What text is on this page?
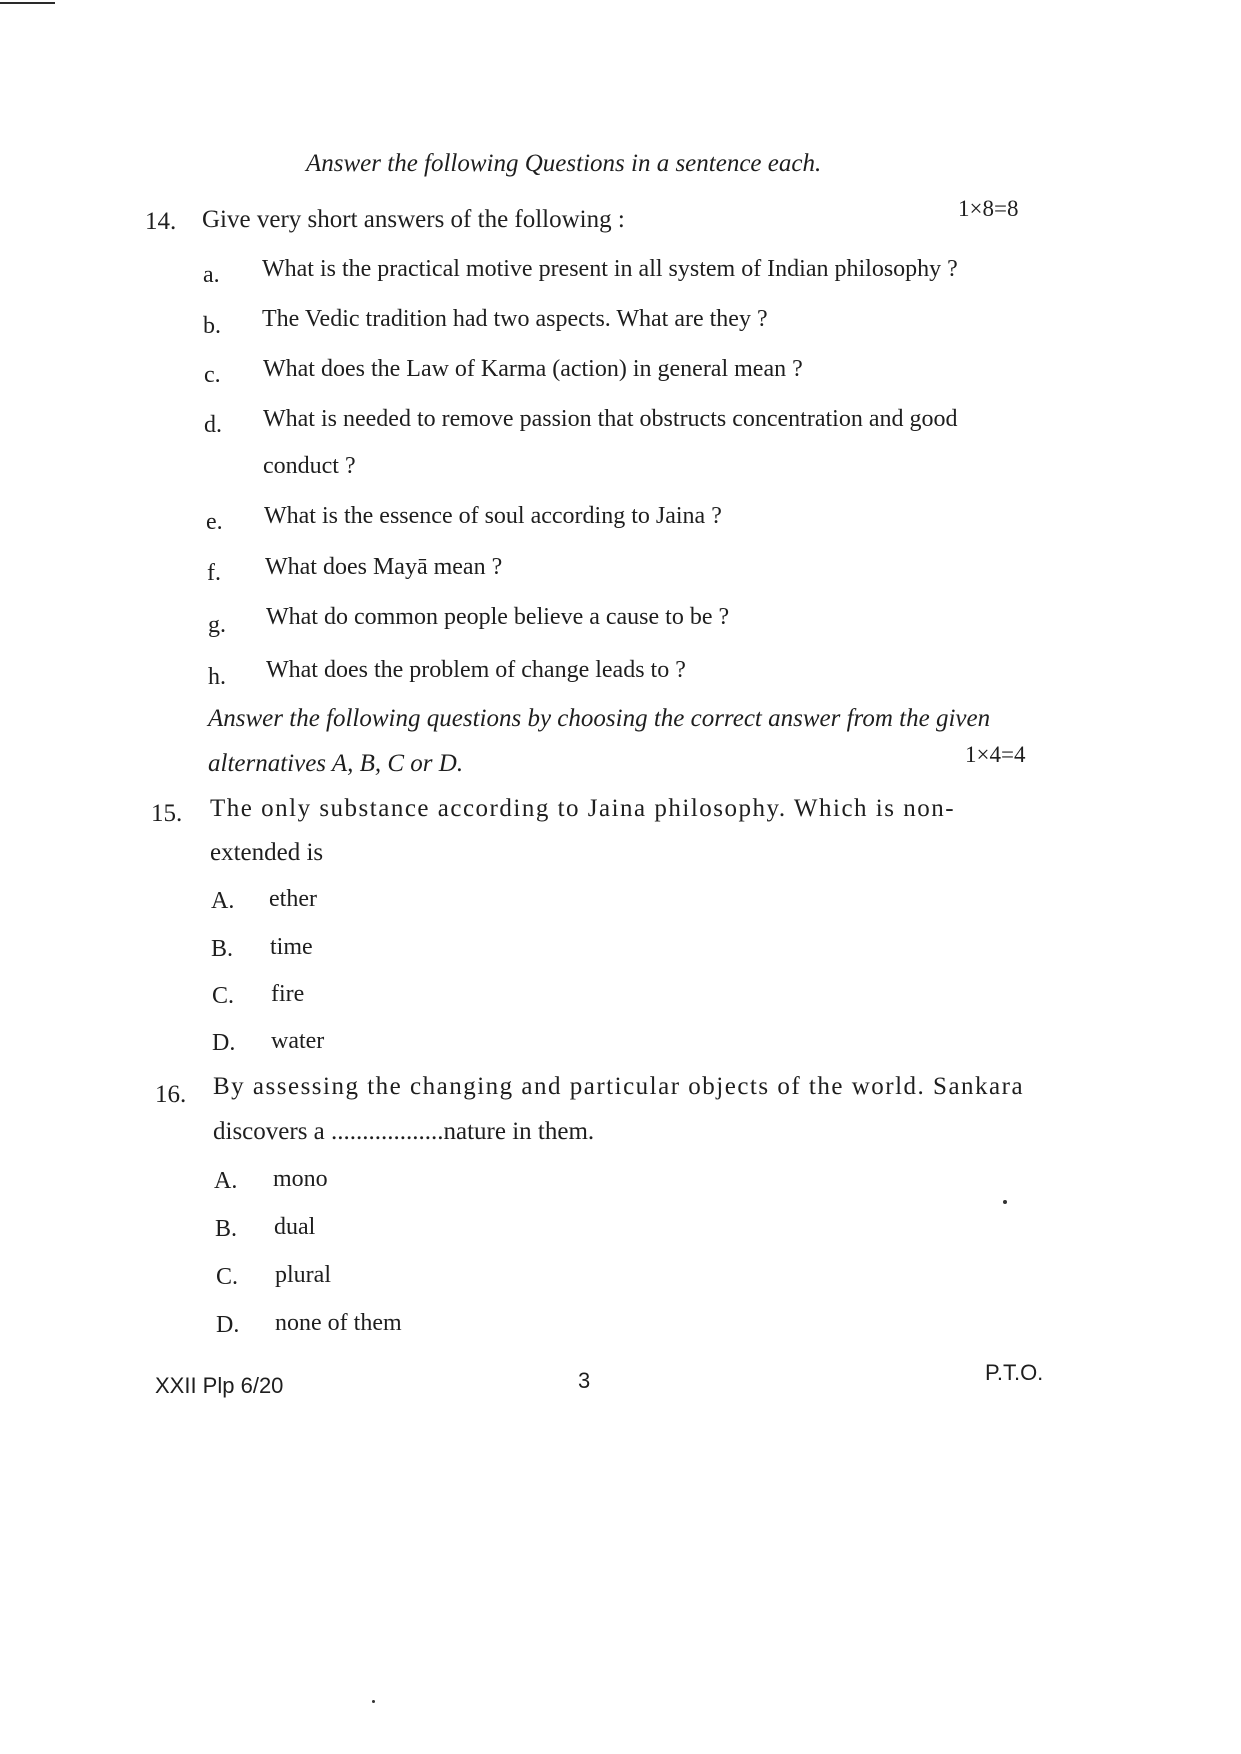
Answer the following Questions in a sentence each.
14. Give very short answers of the following :	1×8=8
a. What is the practical motive present in all system of Indian philosophy ?
b. The Vedic tradition had two aspects. What are they ?
c. What does the Law of Karma (action) in general mean ?
d. What is needed to remove passion that obstructs concentration and good
conduct ?
e. What is the essence of soul according to Jaina ?
f. What does Mayā mean ?
g. What do common people believe a cause to be ?
h. What does the problem of change leads to ?
Answer the following questions by choosing the correct answer from the given
alternatives A, B, C or D.	1×4=4
15. The only substance according to Jaina philosophy. Which is non-
extended is
A. ether
B. time
C. fire
D. water
16. By assessing the changing and particular objects of the world. Sankara
discovers a ..................nature in them.
A. mono
B. dual
C. plural
D. none of them
XXII Plp 6/20	3	P.T.O.
